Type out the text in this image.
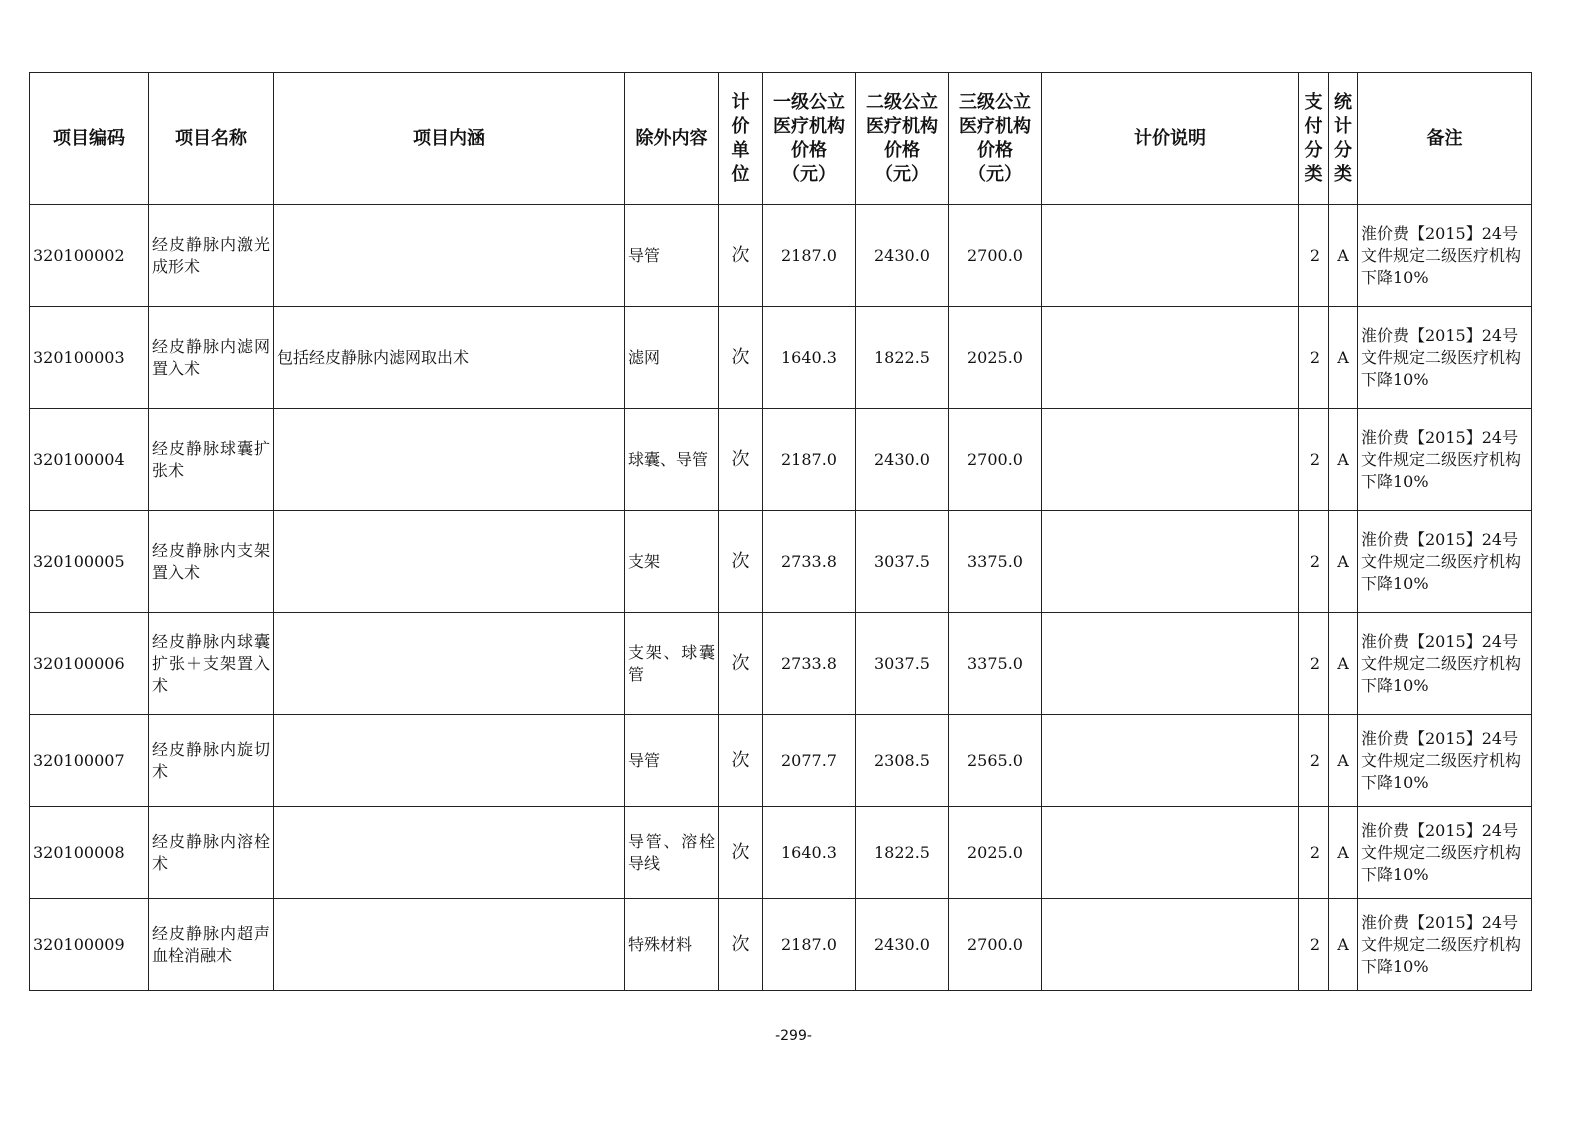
项目编码	项目名称	项目内涵	除外内容	计价单位	一级公立医疗机构价格（元）	二级公立医疗机构价格（元）	三级公立医疗机构价格（元）	计价说明	支付分类	统计分类	备注
320100002	经皮静脉内激光成形术		导管	次	2187.0	2430.0	2700.0		2	A	淮价费【2015】24号文件规定二级医疗机构下降10%
320100003	经皮静脉内滤网置入术	包括经皮静脉内滤网取出术	滤网	次	1640.3	1822.5	2025.0		2	A	淮价费【2015】24号文件规定二级医疗机构下降10%
320100004	经皮静脉球囊扩张术		球囊、导管	次	2187.0	2430.0	2700.0		2	A	淮价费【2015】24号文件规定二级医疗机构下降10%
320100005	经皮静脉内支架置入术		支架	次	2733.8	3037.5	3375.0		2	A	淮价费【2015】24号文件规定二级医疗机构下降10%
320100006	经皮静脉内球囊扩张＋支架置入术		支架、球囊管	次	2733.8	3037.5	3375.0		2	A	淮价费【2015】24号文件规定二级医疗机构下降10%
320100007	经皮静脉内旋切术		导管	次	2077.7	2308.5	2565.0		2	A	淮价费【2015】24号文件规定二级医疗机构下降10%
320100008	经皮静脉内溶栓术		导管、溶栓导线	次	1640.3	1822.5	2025.0		2	A	淮价费【2015】24号文件规定二级医疗机构下降10%
320100009	经皮静脉内超声血栓消融术		特殊材料	次	2187.0	2430.0	2700.0		2	A	淮价费【2015】24号文件规定二级医疗机构下降10%
-299-
